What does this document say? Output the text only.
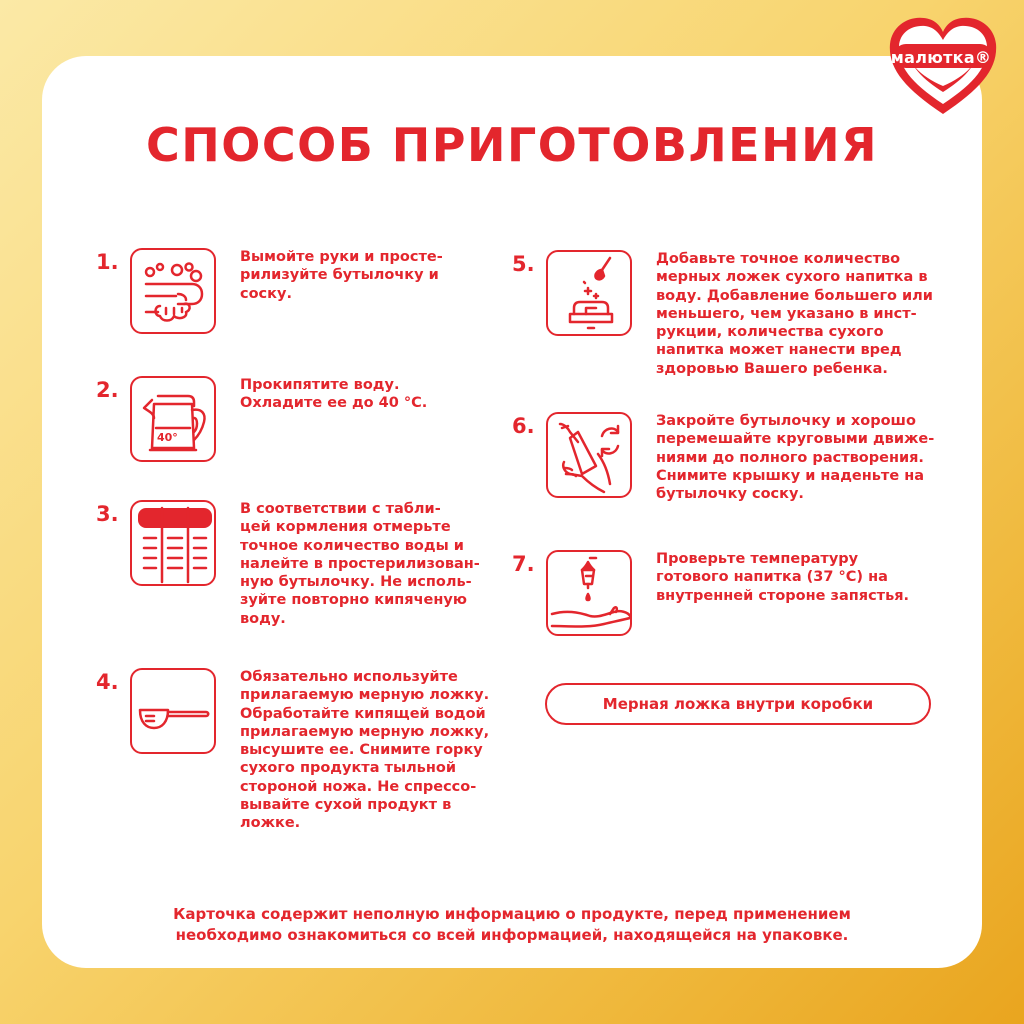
малютка®
СПОСОБ ПРИГОТОВЛЕНИЯ
1.	Вымойте руки и простe-
рилизуйте бутылочку и
соску.

2.
40°

Прокипятите воду.
Охладите ее до 40 °С.

3.	В соответствии с табли-
цей кормления отмерьте
точное количество воды и
налейте в простерилизован-
ную бутылочку. Не исполь-
зуйте повторно кипяченую
воду.

4.	Обязательно используйте
прилагаемую мерную ложку.
Обработайте кипящей водой
прилагаемую мерную ложку,
высушите ее. Снимите горку
сухого продукта тыльной
стороной ножа. Не спрессо-
вывайте сухой продукт в
ложке.

5.	Добавьте точное количество
мерных ложек сухого напитка в
воду. Добавление большего или
меньшего, чем указано в инст-
рукции, количества сухого
напитка может нанести вред
здоровью Вашего ребенка.

6.	Закройте бутылочку и хорошо
перемешайте круговыми движе-
ниями до полного растворения.
Снимите крышку и наденьте на
бутылочку соску.

7.	Проверьте температуру
готового напитка (37 °С) на
внутренней стороне запястья.

Мерная ложка внутри коробки

Карточка содержит неполную информацию о продукте, перед применением
необходимо ознакомиться со всей информацией, находящейся на упаковке.
